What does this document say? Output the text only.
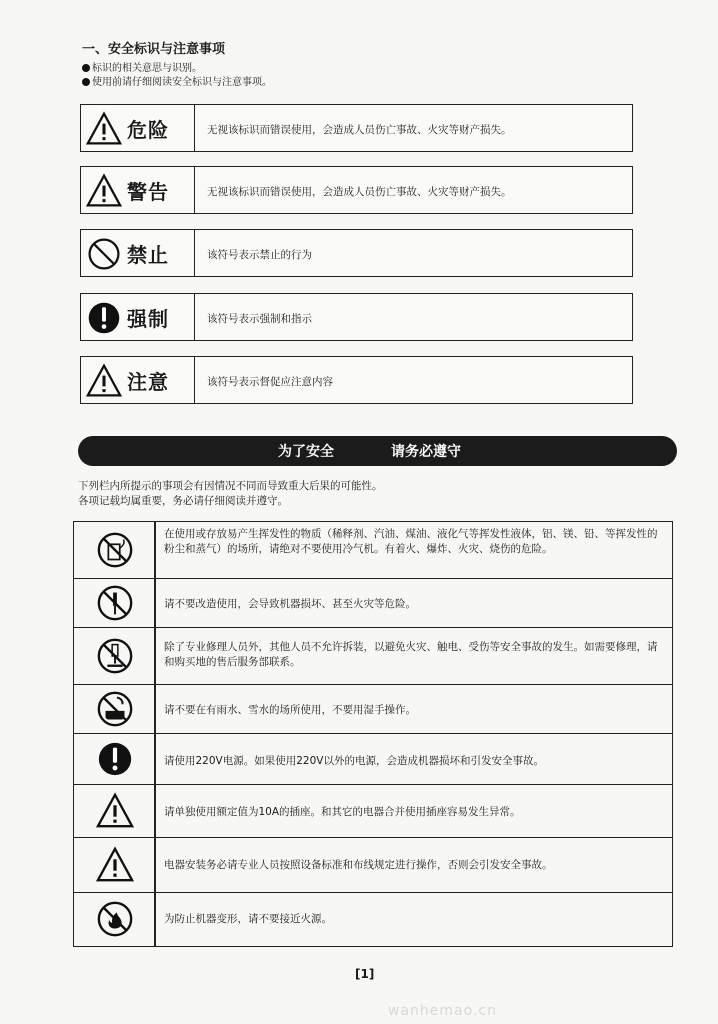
一、安全标识与注意事项
标识的相关意思与识别。
使用前请仔细阅读安全标识与注意事项。
危险	无视该标识而错误使用，会造成人员伤亡事故、火灾等财产损失。
警告	无视该标识而错误使用，会造成人员伤亡事故、火灾等财产损失。
禁止	该符号表示禁止的行为
强制	该符号表示强制和指示
注意	该符号表示督促应注意内容
为了安全	请务必遵守
下列栏内所提示的事项会有因情况不同而导致重大后果的可能性。
各项记载均属重要，务必请仔细阅读并遵守。
在使用或存放易产生挥发性的物质（稀释剂、汽油、煤油、液化气等挥发性液体，铝、镁、铅、等挥发性的粉尘和蒸气）的场所，请绝对不要使用冷气机。有着火、爆炸、火灾、烧伤的危险。
请不要改造使用，会导致机器损坏、甚至火灾等危险。
除了专业修理人员外，其他人员不允许拆装，以避免火灾、触电、受伤等安全事故的发生。如需要修理，请和购买地的售后服务部联系。
请不要在有雨水、雪水的场所使用，不要用湿手操作。
请使用220V电源。如果使用220V以外的电源，会造成机器损坏和引发安全事故。
请单独使用额定值为10A的插座。和其它的电器合并使用插座容易发生异常。
电器安装务必请专业人员按照设备标准和布线规定进行操作，否则会引发安全事故。
为防止机器变形，请不要接近火源。
[1]
wanhemao.cn
